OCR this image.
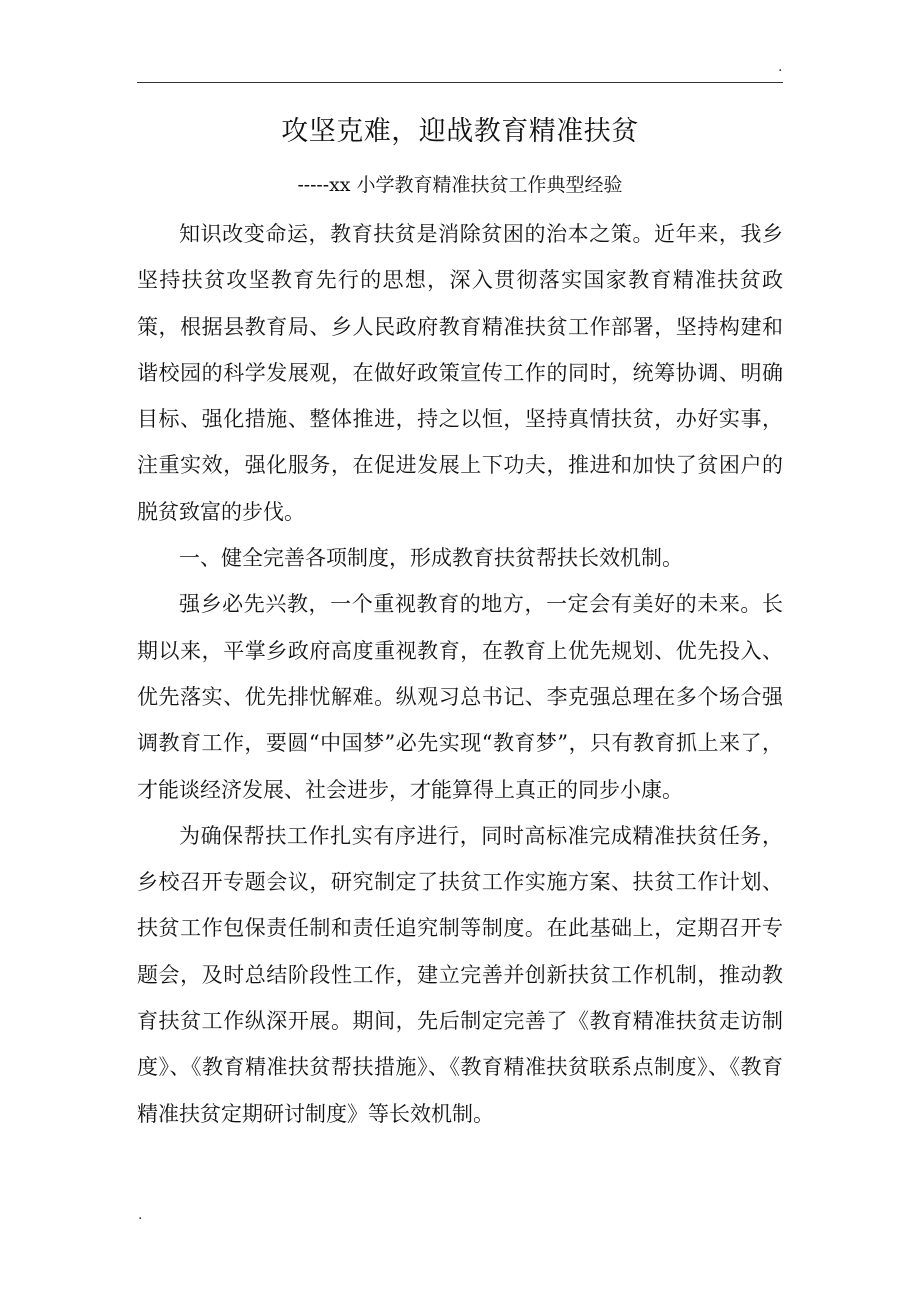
.
攻坚克难，迎战教育精准扶贫

-----xx 小学教育精准扶贫工作典型经验

知识改变命运，教育扶贫是消除贫困的治本之策。近年来，我乡坚持扶贫攻坚教育先行的思想，深入贯彻落实国家教育精准扶贫政策，根据县教育局、乡人民政府教育精准扶贫工作部署，坚持构建和谐校园的科学发展观，在做好政策宣传工作的同时，统筹协调、明确目标、强化措施、整体推进，持之以恒，坚持真情扶贫，办好实事，注重实效，强化服务，在促进发展上下功夫，推进和加快了贫困户的脱贫致富的步伐。

一、健全完善各项制度，形成教育扶贫帮扶长效机制。

强乡必先兴教，一个重视教育的地方，一定会有美好的未来。长期以来，平掌乡政府高度重视教育，在教育上优先规划、优先投入、优先落实、优先排忧解难。纵观习总书记、李克强总理在多个场合强调教育工作，要圆“中国梦”必先实现“教育梦”，只有教育抓上来了，才能谈经济发展、社会进步，才能算得上真正的同步小康。

为确保帮扶工作扎实有序进行，同时高标准完成精准扶贫任务，乡校召开专题会议，研究制定了扶贫工作实施方案、扶贫工作计划、扶贫工作包保责任制和责任追究制等制度。在此基础上，定期召开专题会，及时总结阶段性工作，建立完善并创新扶贫工作机制，推动教育扶贫工作纵深开展。期间，先后制定完善了《教育精准扶贫走访制度》、《教育精准扶贫帮扶措施》、《教育精准扶贫联系点制度》、《教育精准扶贫定期研讨制度》等长效机制。

.
